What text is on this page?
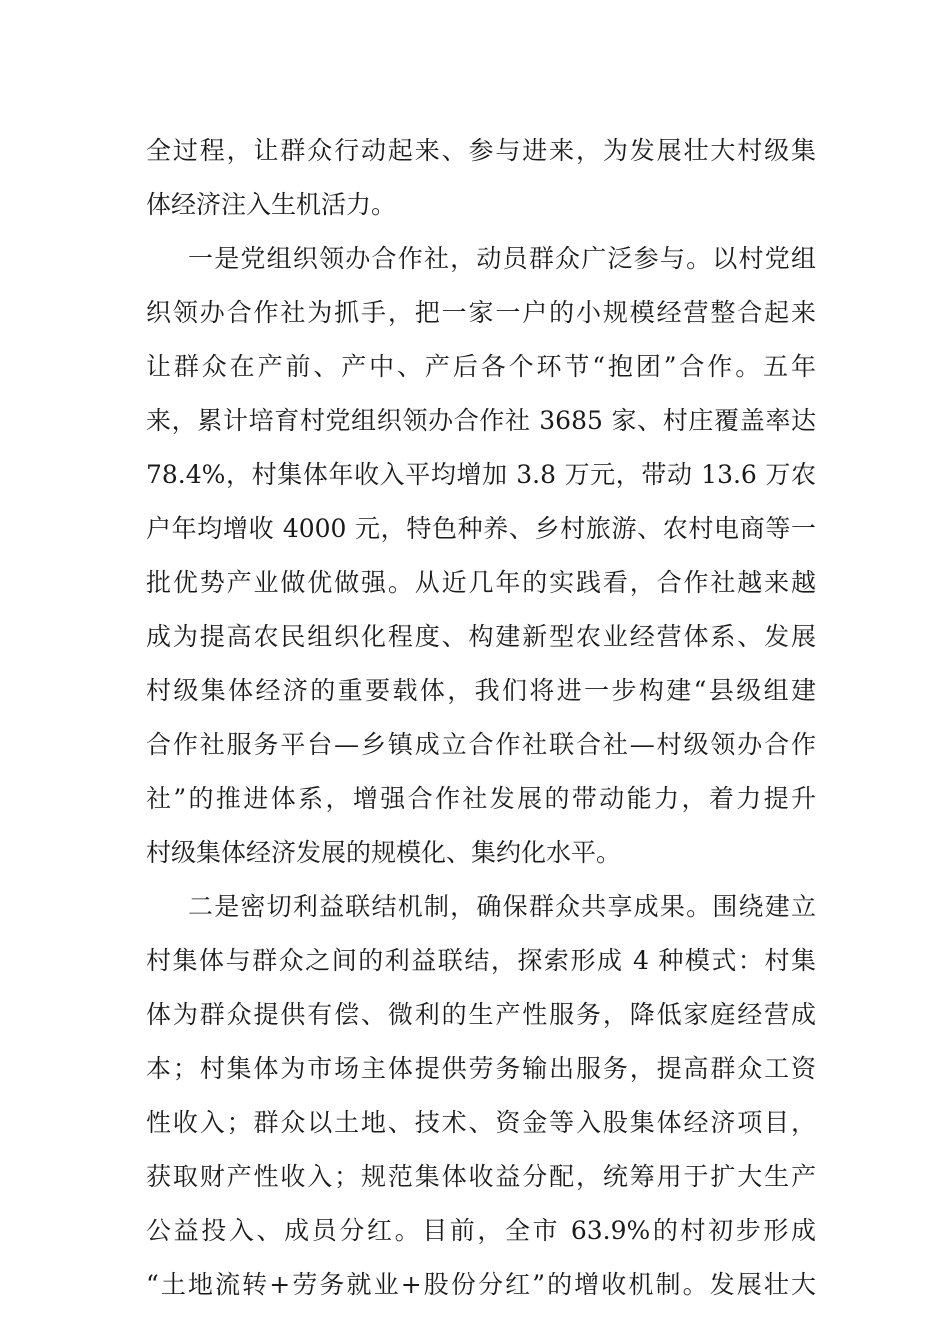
全过程，让群众行动起来、参与进来，为发展壮大村级集
体经济注入生机活力。
一是党组织领办合作社，动员群众广泛参与。以村党组
织领办合作社为抓手，把一家一户的小规模经营整合起来
让群众在产前、产中、产后各个环节“抱团”合作。五年
来，累计培育村党组织领办合作社 3685 家、村庄覆盖率达
78.4%，村集体年收入平均增加 3.8 万元，带动 13.6 万农
户年均增收 4000 元，特色种养、乡村旅游、农村电商等一
批优势产业做优做强。从近几年的实践看，合作社越来越
成为提高农民组织化程度、构建新型农业经营体系、发展
村级集体经济的重要载体，我们将进一步构建“县级组建
合作社服务平台—乡镇成立合作社联合社—村级领办合作
社”的推进体系，增强合作社发展的带动能力，着力提升
村级集体经济发展的规模化、集约化水平。
二是密切利益联结机制，确保群众共享成果。围绕建立
村集体与群众之间的利益联结，探索形成 4 种模式：村集
体为群众提供有偿、微利的生产性服务，降低家庭经营成
本；村集体为市场主体提供劳务输出服务，提高群众工资
性收入；群众以土地、技术、资金等入股集体经济项目，
获取财产性收入；规范集体收益分配，统筹用于扩大生产
公益投入、成员分红。目前，全市 63.9%的村初步形成
“土地流转+劳务就业+股份分红”的增收机制。发展壮大
